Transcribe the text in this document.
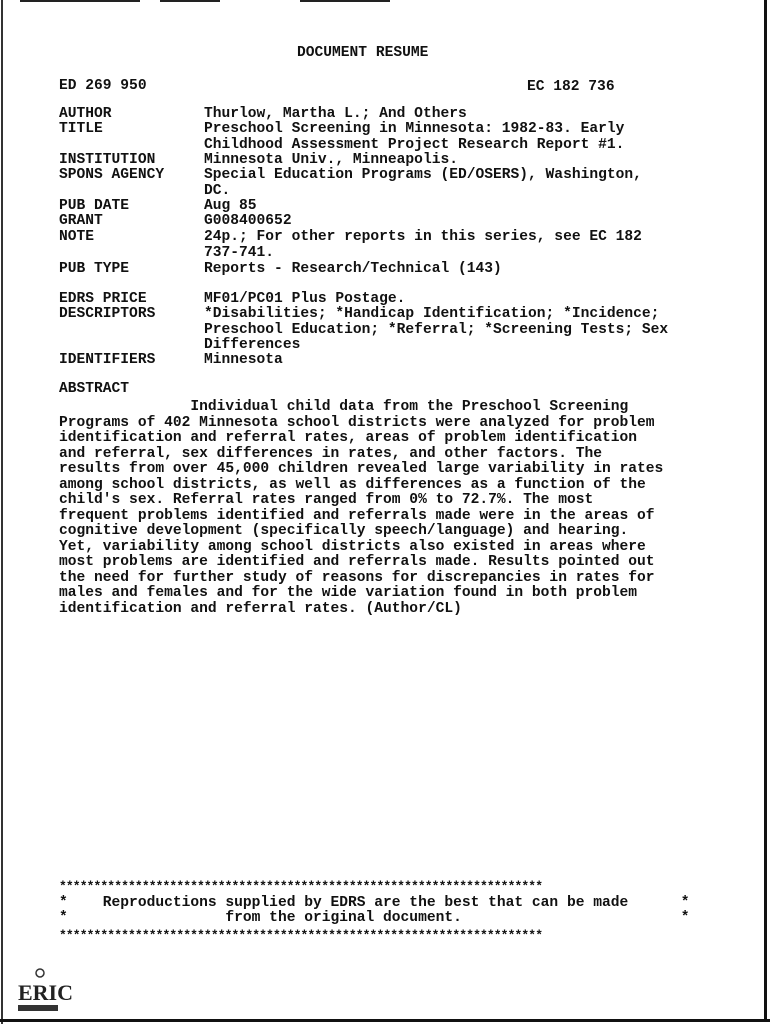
DOCUMENT RESUME
ED 269 950	EC 182 736
AUTHOR	Thurlow, Martha L.; And Others
TITLE	Preschool Screening in Minnesota: 1982-83. Early
Childhood Assessment Project Research Report #1.
INSTITUTION	Minnesota Univ., Minneapolis.
SPONS AGENCY	Special Education Programs (ED/OSERS), Washington,
DC.
PUB DATE	Aug 85
GRANT	G008400652
NOTE	24p.; For other reports in this series, see EC 182
737-741.
PUB TYPE	Reports - Research/Technical (143)
EDRS PRICE	MF01/PC01 Plus Postage.
DESCRIPTORS	*Disabilities; *Handicap Identification; *Incidence;
Preschool Education; *Referral; *Screening Tests; Sex
Differences
IDENTIFIERS	Minnesota
ABSTRACT
Individual child data from the Preschool Screening
Programs of 402 Minnesota school districts were analyzed for problem
identification and referral rates, areas of problem identification
and referral, sex differences in rates, and other factors. The
results from over 45,000 children revealed large variability in rates
among school districts, as well as differences as a function of the
child's sex. Referral rates ranged from 0% to 72.7%. The most
frequent problems identified and referrals made were in the areas of
cognitive development (specifically speech/language) and hearing.
Yet, variability among school districts also existed in areas where
most problems are identified and referrals made. Results pointed out
the need for further study of reasons for discrepancies in rates for
males and females and for the wide variation found in both problem
identification and referral rates. (Author/CL)
**********************************************************************
*    Reproductions supplied by EDRS are the best that can be made      *
*                  from the original document.                         *
**********************************************************************
ERIC
